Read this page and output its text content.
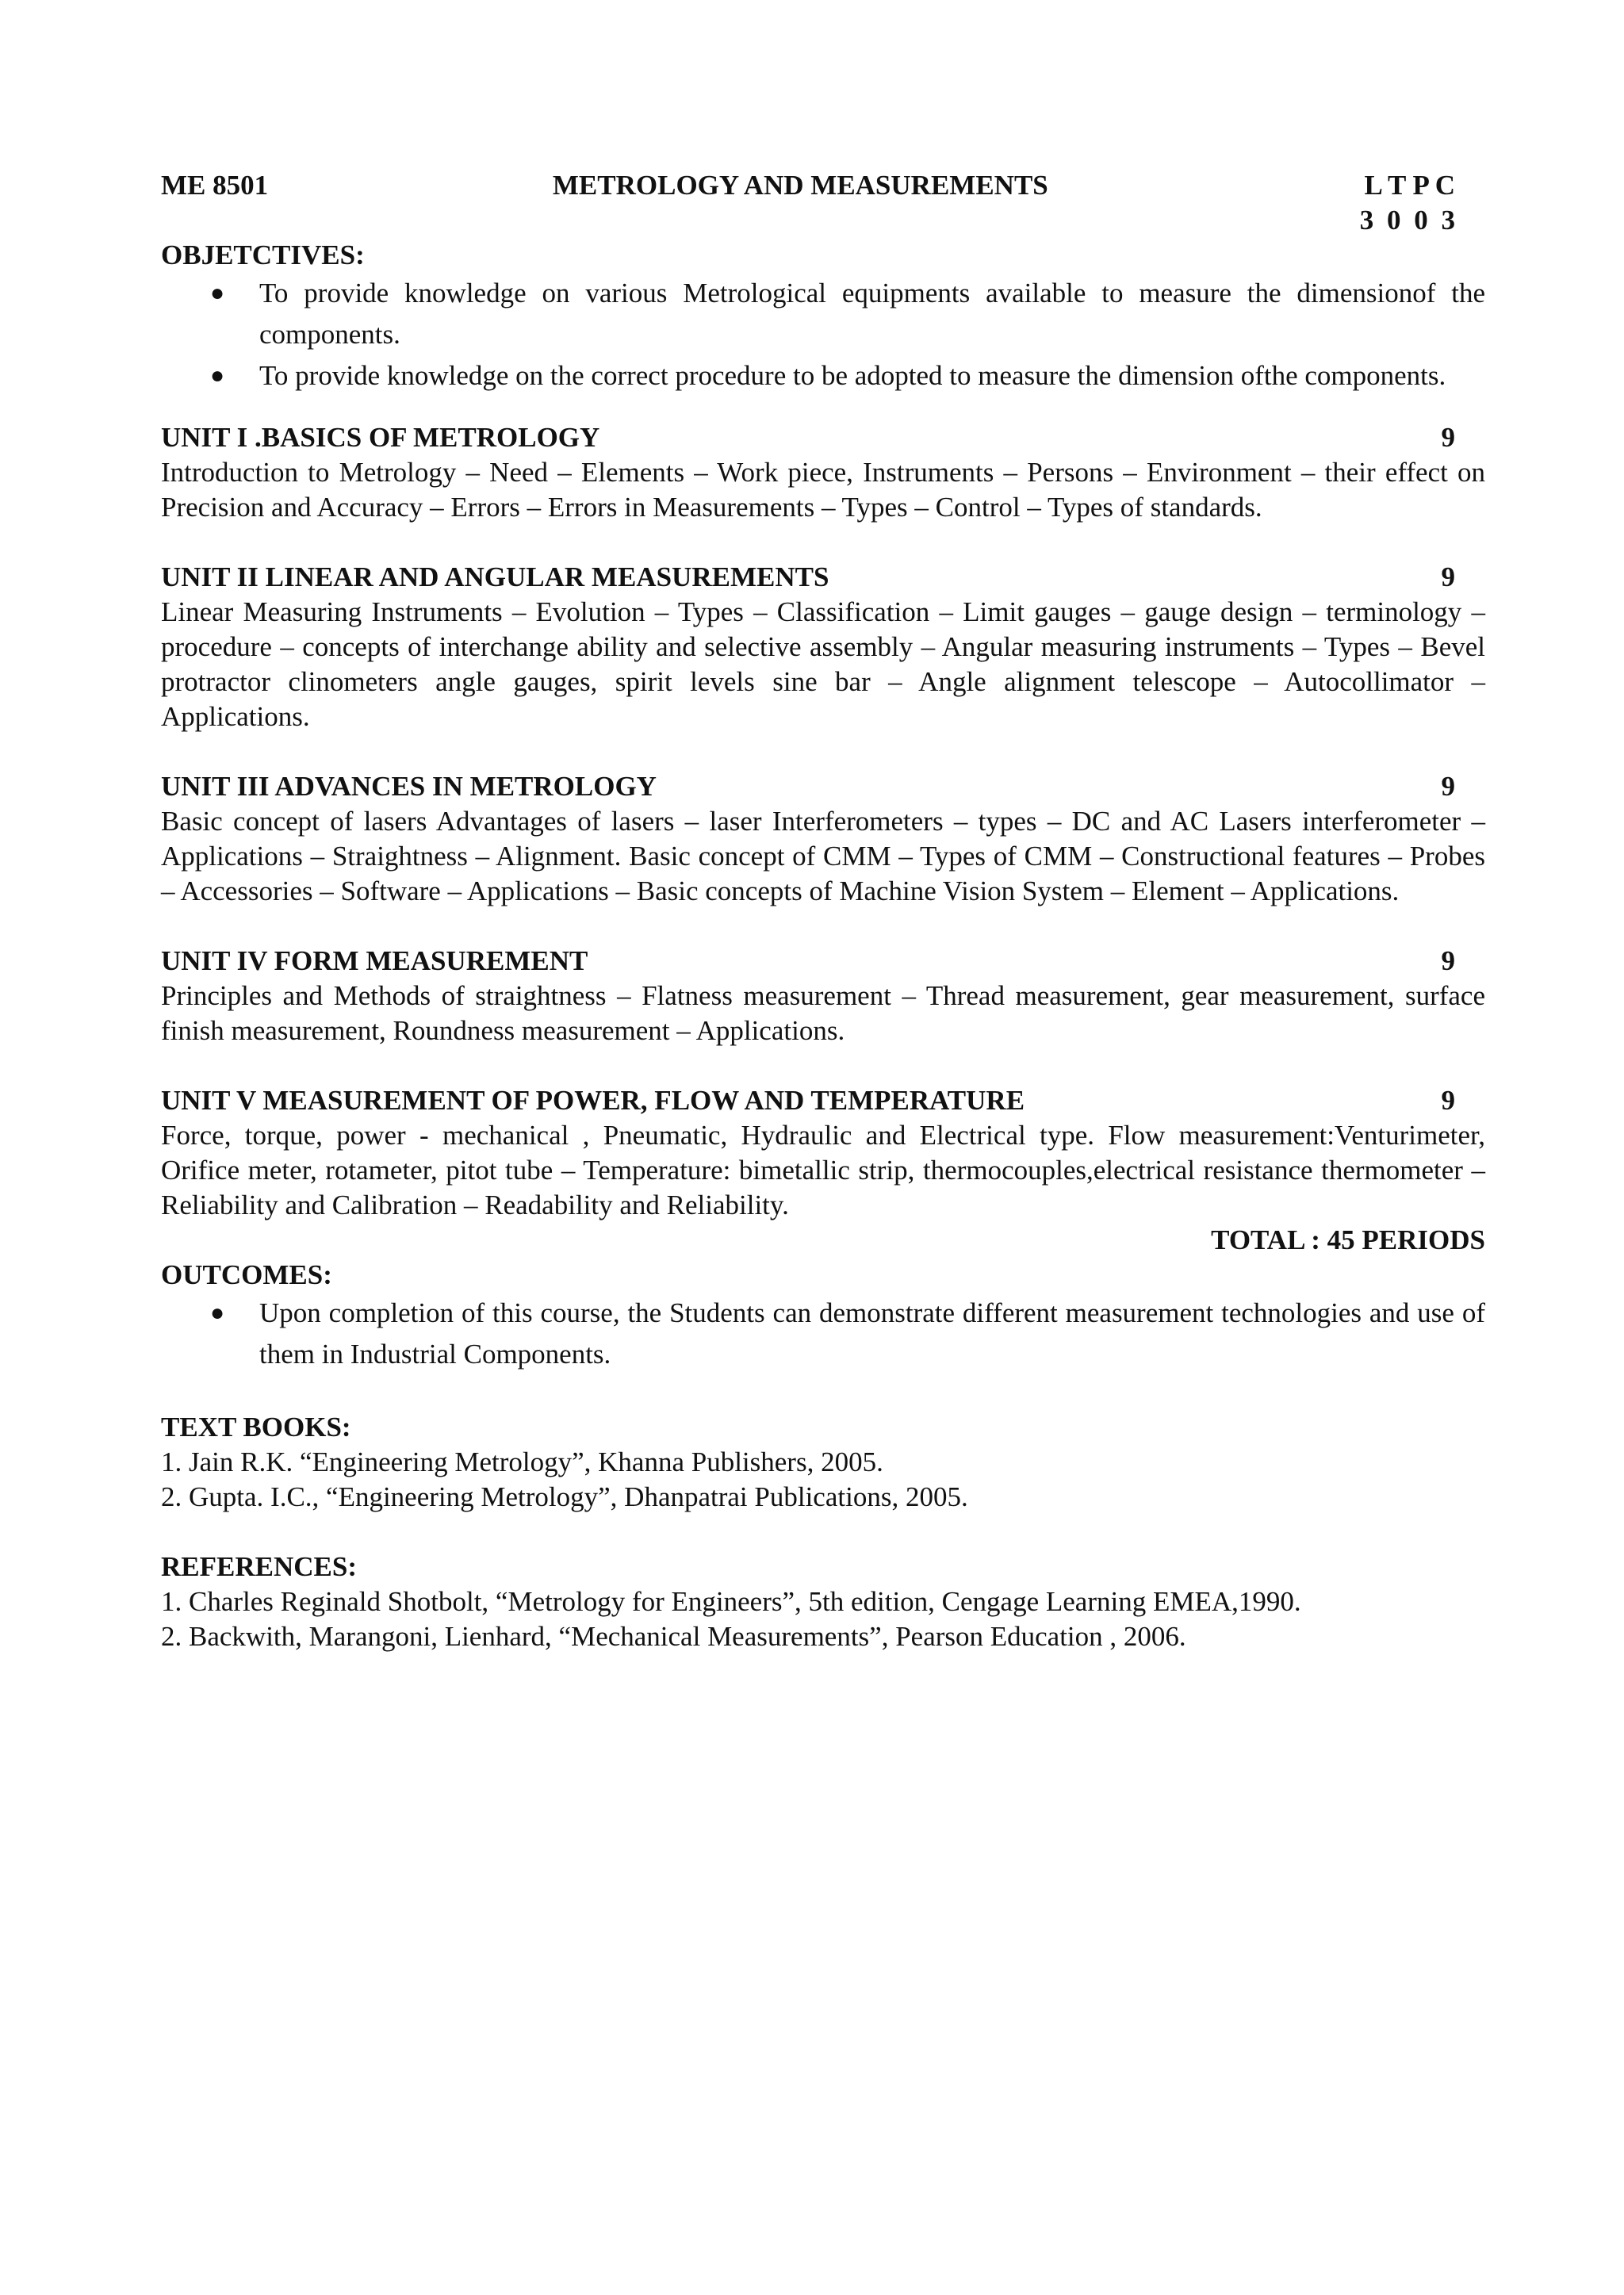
ME 8501	METROLOGY AND MEASUREMENTS	L T P C
3 0 0 3
OBJETCTIVES:
● To provide knowledge on various Metrological equipments available to measure the dimensionof the components.
● To provide knowledge on the correct procedure to be adopted to measure the dimension ofthe components.
UNIT I .BASICS OF METROLOGY	9
Introduction to Metrology – Need – Elements – Work piece, Instruments – Persons – Environment – their effect on Precision and Accuracy – Errors – Errors in Measurements – Types – Control – Types of standards.
UNIT II LINEAR AND ANGULAR MEASUREMENTS	9
Linear Measuring Instruments – Evolution – Types – Classification – Limit gauges – gauge design – terminology – procedure – concepts of interchange ability and selective assembly – Angular measuring instruments – Types – Bevel protractor clinometers angle gauges, spirit levels sine bar – Angle alignment telescope – Autocollimator – Applications.
UNIT III ADVANCES IN METROLOGY	9
Basic concept of lasers Advantages of lasers – laser Interferometers – types – DC and AC Lasers interferometer – Applications – Straightness – Alignment. Basic concept of CMM – Types of CMM – Constructional features – Probes – Accessories – Software – Applications – Basic concepts of Machine Vision System – Element – Applications.
UNIT IV FORM MEASUREMENT	9
Principles and Methods of straightness – Flatness measurement – Thread measurement, gear measurement, surface finish measurement, Roundness measurement – Applications.
UNIT V MEASUREMENT OF POWER, FLOW AND TEMPERATURE	9
Force, torque, power - mechanical , Pneumatic, Hydraulic and Electrical type. Flow measurement:Venturimeter, Orifice meter, rotameter, pitot tube – Temperature: bimetallic strip, thermocouples,electrical resistance thermometer – Reliability and Calibration – Readability and Reliability.
TOTAL : 45 PERIODS
OUTCOMES:
● Upon completion of this course, the Students can demonstrate different measurement technologies and use of them in Industrial Components.
TEXT BOOKS:
1. Jain R.K. “Engineering Metrology”, Khanna Publishers, 2005.
2. Gupta. I.C., “Engineering Metrology”, Dhanpatrai Publications, 2005.
REFERENCES:
1. Charles Reginald Shotbolt, “Metrology for Engineers”, 5th edition, Cengage Learning EMEA,1990.
2. Backwith, Marangoni, Lienhard, “Mechanical Measurements”, Pearson Education , 2006.
